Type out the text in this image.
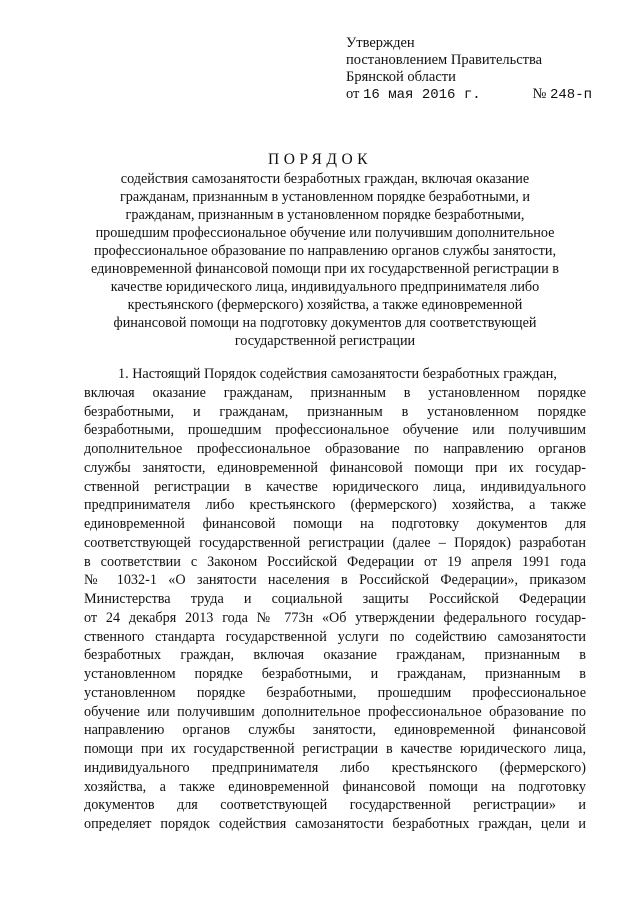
Утвержден
постановлением Правительства
Брянской области
от 16 мая 2016 г.	№ 248-п
ПОРЯДОК
содействия самозанятости безработных граждан, включая оказание
гражданам, признанным в установленном порядке безработными, и
гражданам, признанным в установленном порядке безработными,
прошедшим профессиональное обучение или получившим дополнительное
профессиональное образование по направлению органов службы занятости,
единовременной финансовой помощи при их государственной регистрации в
качестве юридического лица, индивидуального предпринимателя либо
крестьянского (фермерского) хозяйства, а также единовременной
финансовой помощи на подготовку документов для соответствующей
государственной регистрации
1. Настоящий Порядок содействия самозанятости безработных граждан,
включая оказание гражданам, признанным в установленном порядке
безработными, и гражданам, признанным в установленном порядке
безработными, прошедшим профессиональное обучение или получившим
дополнительное профессиональное образование по направлению органов
службы занятости, единовременной финансовой помощи при их государ-
ственной регистрации в качестве юридического лица, индивидуального
предпринимателя либо крестьянского (фермерского) хозяйства, а также
единовременной финансовой помощи на подготовку документов для
соответствующей государственной регистрации (далее – Порядок) разработан
в соответствии с Законом Российской Федерации от 19 апреля 1991 года
№ 1032-1 «О занятости населения в Российской Федерации», приказом
Министерства труда и социальной защиты Российской Федерации
от 24 декабря 2013 года № 773н «Об утверждении федерального государ-
ственного стандарта государственной услуги по содействию самозанятости
безработных граждан, включая оказание гражданам, признанным в
установленном порядке безработными, и гражданам, признанным в
установленном порядке безработными, прошедшим профессиональное
обучение или получившим дополнительное профессиональное образование по
направлению органов службы занятости, единовременной финансовой
помощи при их государственной регистрации в качестве юридического лица,
индивидуального предпринимателя либо крестьянского (фермерского)
хозяйства, а также единовременной финансовой помощи на подготовку
документов для соответствующей государственной регистрации» и
определяет порядок содействия самозанятости безработных граждан, цели и
